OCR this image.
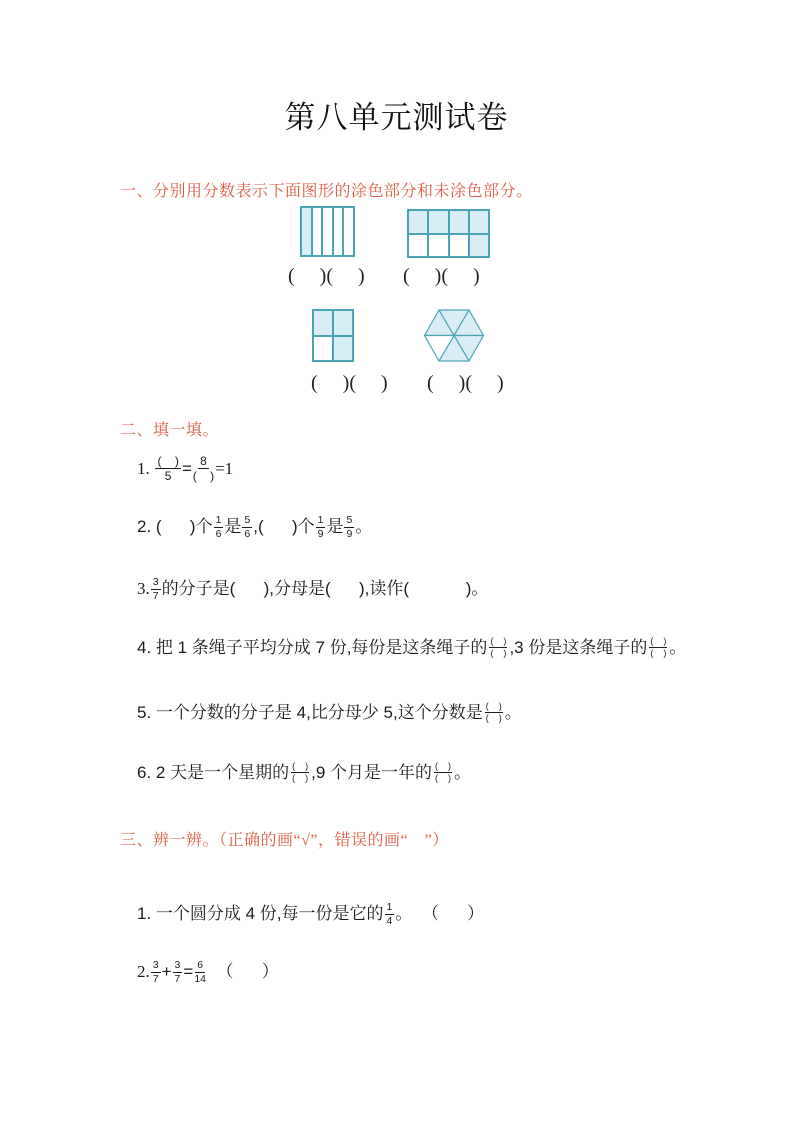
第八单元测试卷
一、分别用分数表示下面图形的涂色部分和未涂色部分。
(     )(     ) (     )(     )
(     )(     ) (     )(     )
二、填一填。
1.
$\frac{( )}{5} = \frac{8}{( )} =1$
2. (      )个 $\frac{1}{6}$ 是 $\frac{5}{6}$ ,(      )个 $\frac{1}{9}$ 是 $\frac{5}{9}$ 。
3. $\frac{3}{7}$ 的分子是(      ),分母是(      ),读作(            )。
4. 把 1 条绳子平均分成 7 份,每份是这条绳子的 (    )
(    ) ,3 份是这条绳子的 (    )
(    ) 。
5. 一个分数的分子是 4,比分母少 5,这个分数是 (    )
(    ) 。
6. 2 天是一个星期的 (    )
(    ) ,9 个月是一年的 (    )
(    ) 。
三、辨一辨。（正确的画“√”，错误的画“　”）
1. 一个圆分成 4 份,每一份是它的 $\frac{1}{4}$ 。  （      ）
2. $\frac{3}{7} + \frac{3}{7} = \frac{6}{14}$ （      ）
